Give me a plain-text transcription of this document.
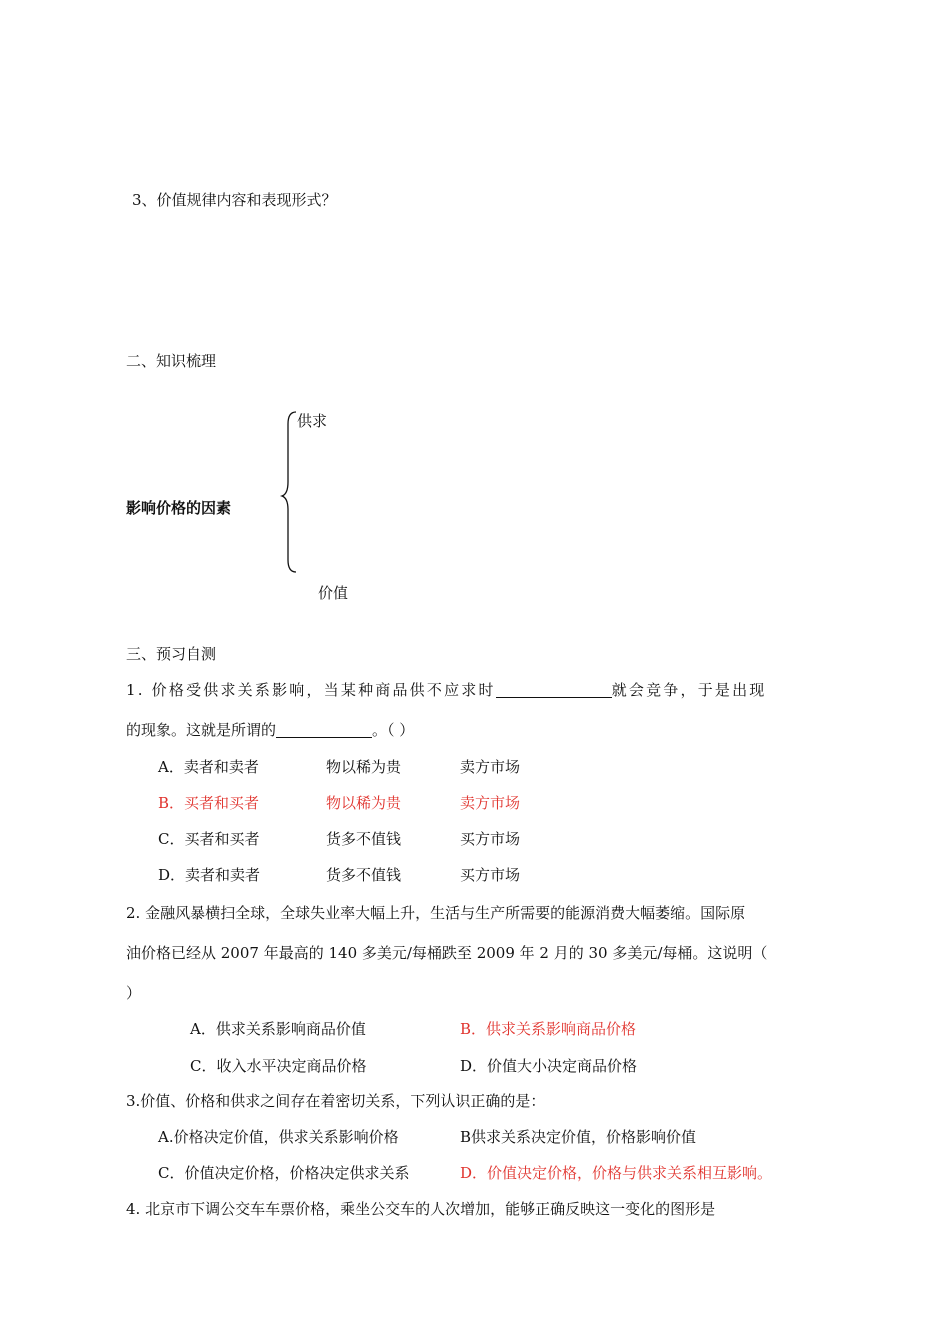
3、价值规律内容和表现形式？
二、知识梳理
供求
影响价格的因素
价值
三、预习自测
1. 价格受供求关系影响，当某种商品供不应求时	就会竞争，于是出现
的现象。这就是所谓的	。（ ）
A．卖者和卖者	物以稀为贵	卖方市场
B．买者和买者	物以稀为贵	卖方市场
C．买者和买者	货多不值钱	买方市场
D．卖者和卖者	货多不值钱	买方市场
2. 金融风暴横扫全球，全球失业率大幅上升，生活与生产所需要的能源消费大幅萎缩。国际原
油价格已经从 2007 年最高的 140 多美元/每桶跌至 2009 年 2 月的 30 多美元/每桶。这说明（
）
A．供求关系影响商品价值	B．供求关系影响商品价格
C．收入水平决定商品价格	D．价值大小决定商品价格
3.价值、价格和供求之间存在着密切关系，下列认识正确的是：
A.价格决定价值，供求关系影响价格	B供求关系决定价值，价格影响价值
C．价值决定价格，价格决定供求关系	D．价值决定价格，价格与供求关系相互影响。
4. 北京市下调公交车车票价格，乘坐公交车的人次增加，能够正确反映这一变化的图形是
